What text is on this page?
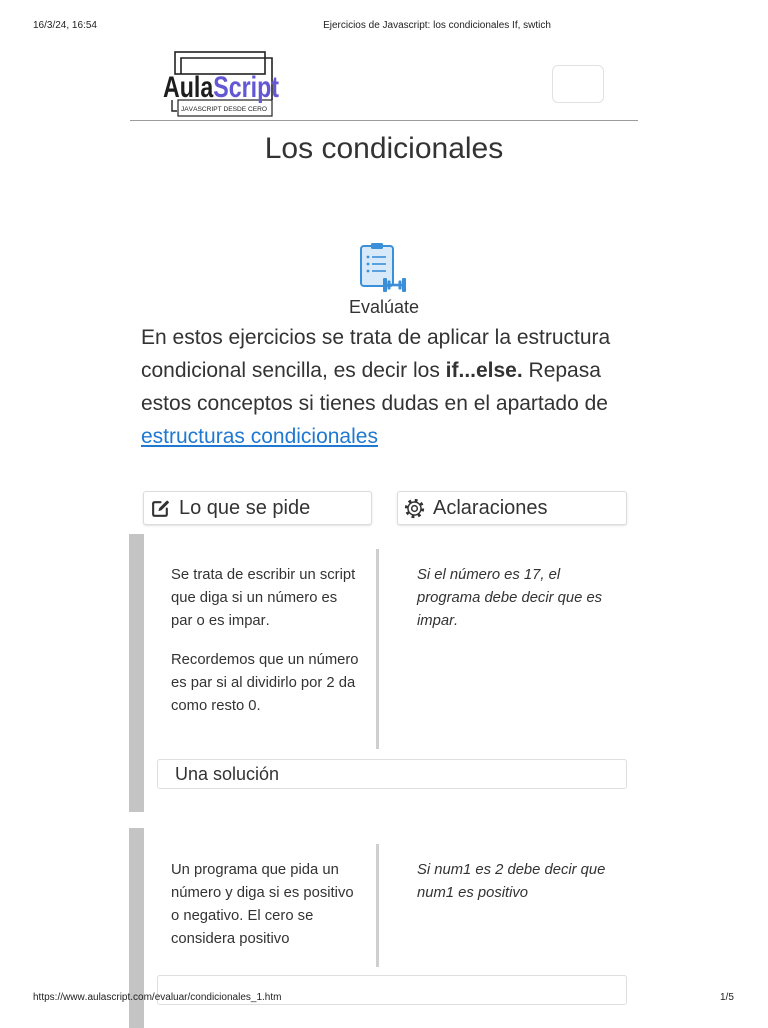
16/3/24, 16:54	Ejercicios de Javascript: los condicionales If, swtich
AulaScript
JAVASCRIPT DESDE CERO
Los condicionales
Evalúate

En estos ejercicios se trata de aplicar la estructura condicional sencilla, es decir los if...else. Repasa estos conceptos si tienes dudas en el apartado de estructuras condicionales

Lo que se pide	Aclaraciones

Se trata de escribir un script
que diga si un número es
par o es impar.

Recordemos que un número
es par si al dividirlo por 2 da
como resto 0.

Si el número es 17, el
programa debe decir que es
impar.

Una solución

Un programa que pida un
número y diga si es positivo
o negativo. El cero se
considera positivo

Si num1 es 2 debe decir que
num1 es positivo

https://www.aulascript.com/evaluar/condicionales_1.htm	1/5
